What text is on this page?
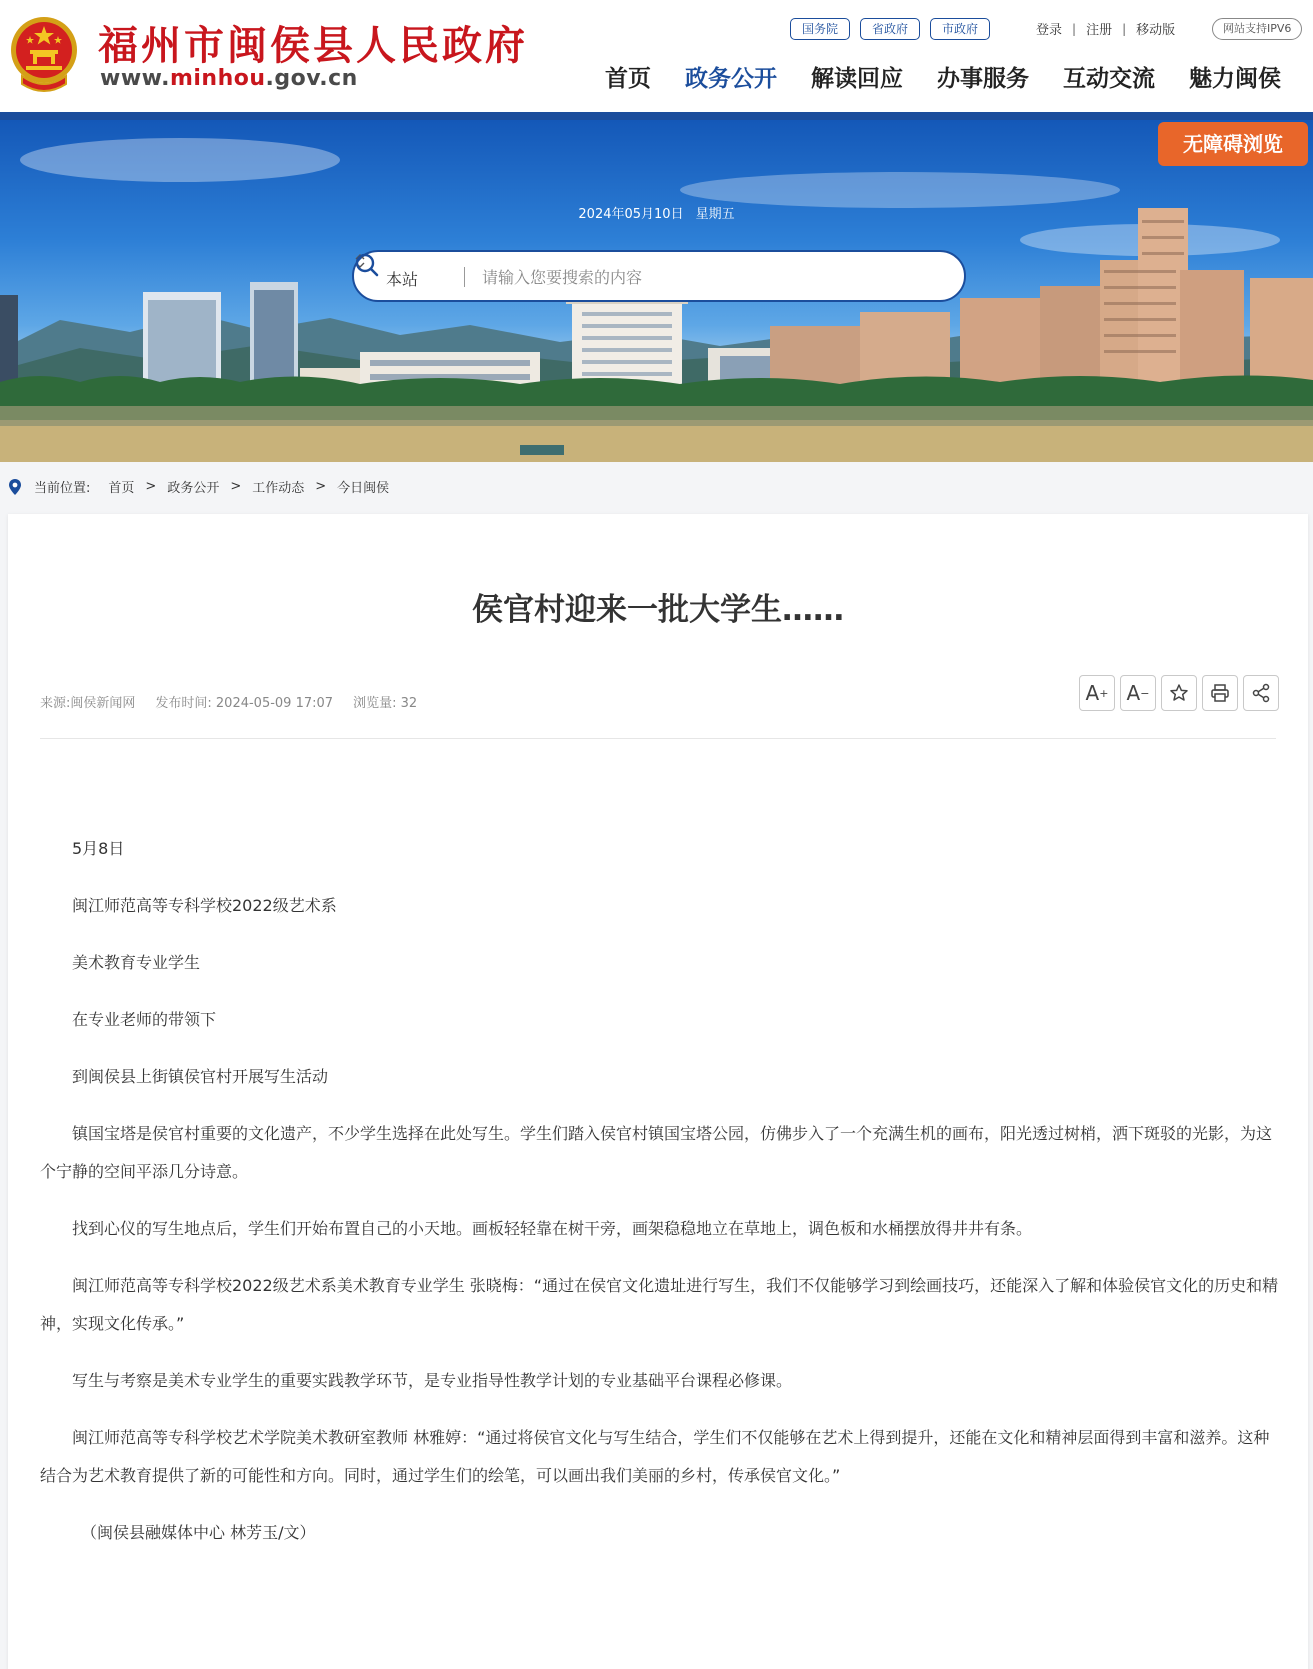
福州市闽侯县人民政府
www.minhou.gov.cn
国务院	省政府	市政府	登录 | 注册 | 移动版	网站支持IPV6
首页 政务公开 解读回应 办事服务 互动交流 魅力闽侯
无障碍浏览
2024年05月10日 星期五
本站
请输入您要搜索的内容
当前位置: 首页 > 政务公开 > 工作动态 > 今日闽侯
侯官村迎来一批大学生……
来源:闽侯新闻网 发布时间: 2024-05-09 17:07 浏览量: 32	A + A −

5月8日

闽江师范高等专科学校2022级艺术系

美术教育专业学生

在专业老师的带领下

到闽侯县上街镇侯官村开展写生活动

镇国宝塔是侯官村重要的文化遗产，不少学生选择在此处写生。学生们踏入侯官村镇国宝塔公园，仿佛步入了一个充满生机的画布，阳光透过树梢，洒下斑驳的光影，为这个宁静的空间平添几分诗意。

找到心仪的写生地点后，学生们开始布置自己的小天地。画板轻轻靠在树干旁，画架稳稳地立在草地上，调色板和水桶摆放得井井有条。

闽江师范高等专科学校2022级艺术系美术教育专业学生 张晓梅：“通过在侯官文化遗址进行写生，我们不仅能够学习到绘画技巧，还能深入了解和体验侯官文化的历史和精神，实现文化传承。”

写生与考察是美术专业学生的重要实践教学环节，是专业指导性教学计划的专业基础平台课程必修课。

闽江师范高等专科学校艺术学院美术教研室教师 林雅婷：“通过将侯官文化与写生结合，学生们不仅能够在艺术上得到提升，还能在文化和精神层面得到丰富和滋养。这种结合为艺术教育提供了新的可能性和方向。同时，通过学生们的绘笔，可以画出我们美丽的乡村，传承侯官文化。”

（闽侯县融媒体中心 林芳玉/文）
